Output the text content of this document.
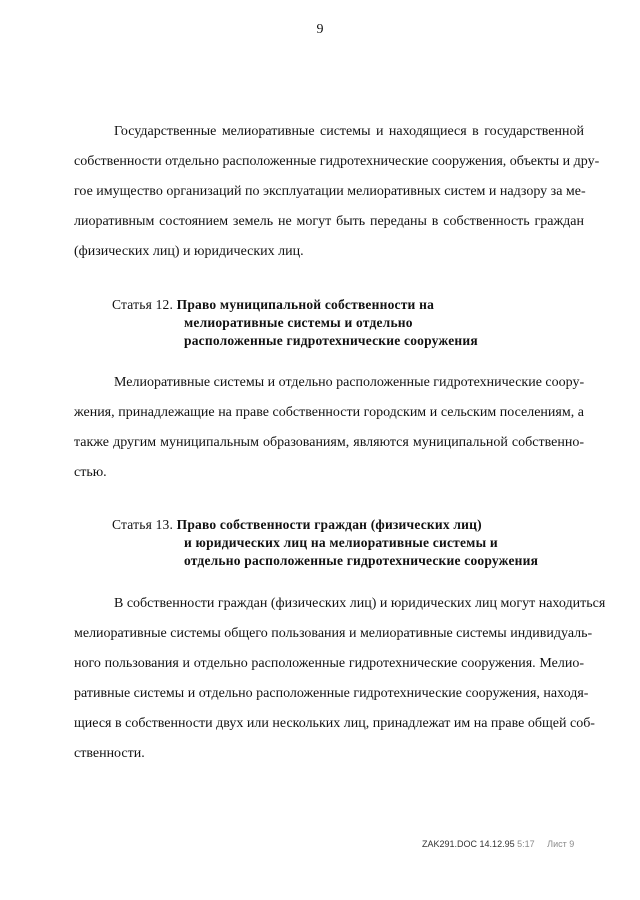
9

Государственные мелиоративные системы и находящиеся в государственной
собственности отдельно расположенные гидротехнические сооружения, объекты и дру-
гое имущество организаций по эксплуатации мелиоративных систем и надзору за ме-
лиоративным состоянием земель не могут быть переданы в собственность граждан
(физических лиц) и юридических лиц.

Статья 12. Право муниципальной собственности на
мелиоративные системы и отдельно
расположенные гидротехнические сооружения

Мелиоративные системы и отдельно расположенные гидротехнические соору-
жения, принадлежащие на праве собственности городским и сельским поселениям, а
также другим муниципальным образованиям, являются муниципальной собственно-
стью.

Статья 13. Право собственности граждан (физических лиц)
и юридических лиц на мелиоративные системы и
отдельно расположенные гидротехнические сооружения

В собственности граждан (физических лиц) и юридических лиц могут находиться
мелиоративные системы общего пользования и мелиоративные системы индивидуаль-
ного пользования и отдельно расположенные гидротехнические сооружения. Мелио-
ративные системы и отдельно расположенные гидротехнические сооружения, находя-
щиеся в собственности двух или нескольких лиц, принадлежат им на праве общей соб-
ственности.

ZAK291.DOC 14.12.95 5:17 Лист 9
